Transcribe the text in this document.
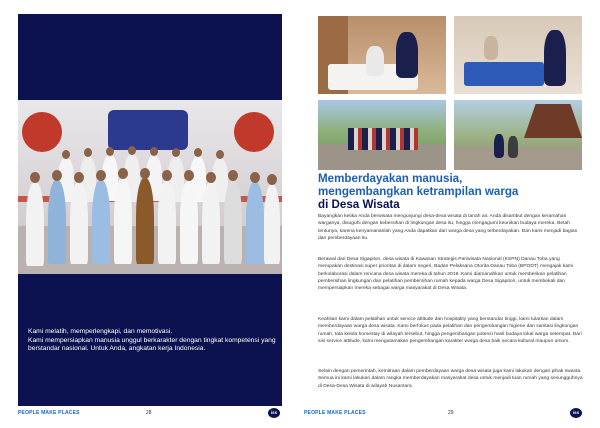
Kami melatih, memperlengkapi, dan memotivasi.
Kami mempersiapkan manusia unggul berkarakter dengan tingkat kompetensi yang berstandar nasional. Untuk Anda, angkatan kerja Indonesia.

PEOPLE MAKE PLACES	28	iss
Memberdayakan manusia,
mengembangkan ketrampilan warga
di Desa Wisata

Bayangkan ketika Anda berwisata mengunjungi desa-desa wisata di tanah air. Anda disambut dengan keramahan warganya, disuguhi dengan kebersihan di lingkungan desa itu, hingga mengagumi keunikan budaya mereka. Betah tentunya, karena kenyamananlah yang Anda dapatkan dari warga desa yang terberdayakan. Dan kami menjadi bagian dari pemberdayaan itu.

Berawal dari Desa Sigapiton, desa wisata di Kawasan Strategis Pariwisata Nasional (KSPN) Danau Toba yang merupakan destinasi super prioritas di dalam negeri, Badan Pelaksana Otorita Danau Toba (BPODT) mengajak kami berkolaborasi dalam rencana desa wisata mereka di tahun 2019. Kami diamanahkan untuk memberikan pelatihan pembersihan lingkungan dan pelatihan pembersihan rumah kepada warga Desa Sigapiton, untuk membekali dan mempersiapkan mereka sebagai warga masyarakat di Desa Wisata.

Keahlian kami dalam pelatihan untuk service attitude dan hospitality yang berstandar tinggi, kami tularkan dalam memberdayaan warga desa wisata. Kami berfokus pada pelatihan dan pengembangan higiene dan sanitasi lingkungan rumah, tata kelola homestay di wilayah tersebut, hingga pengembangan potensi hasil budaya lokal warga setempat. Dari sisi service attitude, kami mengutamakan pengembangan karakter warga desa baik secara kultural maupun umum.

Selain dengan pemerintah, kemitraan dalam pemberdayaan warga desa wisata juga kami lakukan dengan pihak swasta. Semua ini kami lakukan dalam rangka memberdayakan masyarakat desa untuk menjadi tuan rumah yang sesungguhnya di Desa-Desa Wisata di wilayah Nusantara.

PEOPLE MAKE PLACES	29	iss
